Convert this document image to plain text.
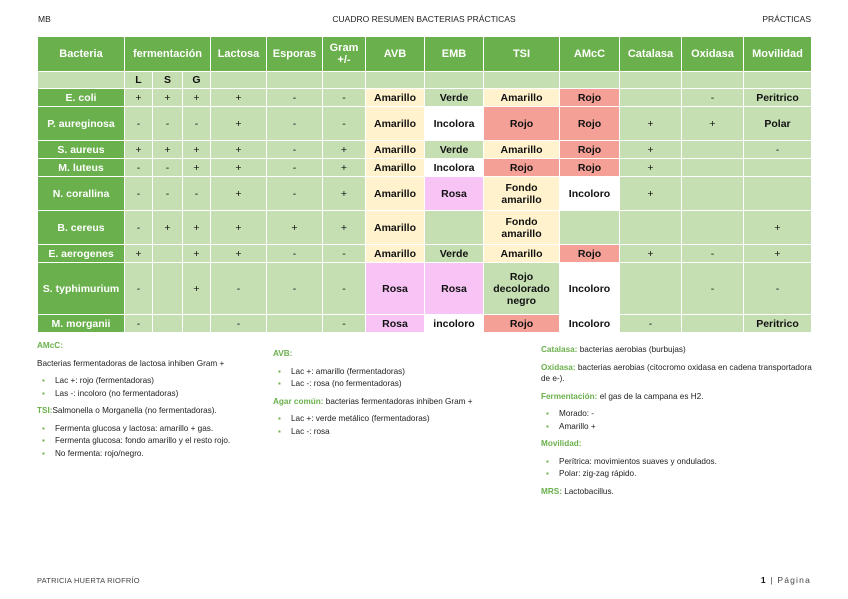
MB	CUADRO RESUMEN BACTERIAS PRÁCTICAS	PRÁCTICAS
Bacteria	fermentación			Lactosa	Esporas	Gram +/-	AVB	EMB	TSI	AMcC	Catalasa	Oxidasa	Movilidad
	L	S	G										
E. coli	+	+	+	+	-	-	Amarillo	Verde	Amarillo	Rojo		-	Peritrico
P. aureginosa	-	-	-	+	-	-	Amarillo	Incolora	Rojo	Rojo	+	+	Polar
S. aureus	+	+	+	+	-	+	Amarillo	Verde	Amarillo	Rojo	+		-
M. luteus	-	-	+	+	-	+	Amarillo	Incolora	Rojo	Rojo	+		
N. corallina	-	-	-	+	-	+	Amarillo	Rosa	Fondo amarillo	Incoloro	+		
B. cereus	-	+	+	+	+	+	Amarillo		Fondo amarillo				+
E. aerogenes	+		+	+	-	-	Amarillo	Verde	Amarillo	Rojo	+	-	+
S. typhimurium	-		+	-	-	-	Rosa	Rosa	Rojo decolorado negro	Incoloro		-	-
M. morganii	-			-		-	Rosa	incoloro	Rojo	Incoloro	-		Peritrico

AMcC:

Bacterias fermentadoras de lactosa inhiben Gram +

▪ Lac +: rojo (fermentadoras)
▪ Las -: incoloro (no fermentadoras)

TSI:Salmonella o Morganella (no fermentadoras).

▪ Fermenta glucosa y lactosa: amarillo + gas.
▪ Fermenta glucosa: fondo amarillo y el resto rojo.
▪ No fermenta: rojo/negro.

AVB:

▪ Lac +: amarillo (fermentadoras)
▪ Lac -: rosa (no fermentadoras)

Agar común: bacterias fermentadoras inhiben Gram +

▪ Lac +: verde metálico (fermentadoras)
▪ Lac -: rosa

Catalasa: bacterias aerobias (burbujas)

Oxidasa: bacterias aerobias (citocromo oxidasa en cadena transportadora de e-).

Fermentación: el gas de la campana es H2.

▪ Morado: -
▪ Amarillo +

Movilidad:

▪ Perítrica: movimientos suaves y ondulados.
▪ Polar: zig-zag rápido.

MRS: Lactobacillus.

PATRICIA HUERTA RIOFRÍO	1 | Página
